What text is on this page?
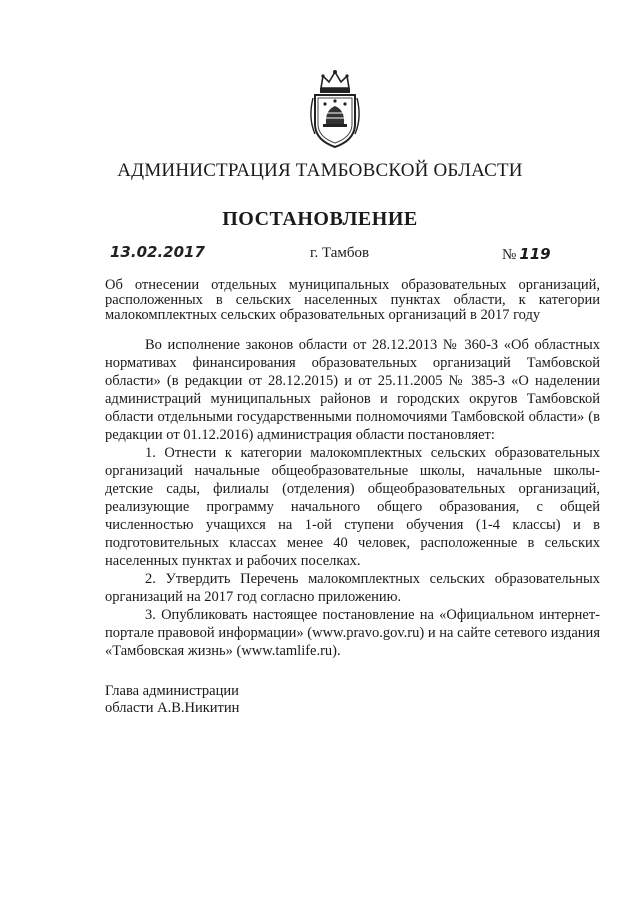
АДМИНИСТРАЦИЯ ТАМБОВСКОЙ ОБЛАСТИ
ПОСТАНОВЛЕНИЕ
13.02.2017	г. Тамбов	№ 119
Об отнесении отдельных муниципальных образовательных организаций, расположенных в сельских населенных пунктах области, к категории малокомплектных сельских образовательных организаций в 2017 году

Во исполнение законов области от 28.12.2013 № 360-З «Об областных нормативах финансирования образовательных организаций Тамбовской области» (в редакции от 28.12.2015) и от 25.11.2005 № 385-З «О наделении администраций муниципальных районов и городских округов Тамбовской области отдельными государственными полномочиями Тамбовской области» (в редакции от 01.12.2016) администрация области постановляет:

1. Отнести к категории малокомплектных сельских образовательных организаций начальные общеобразовательные школы, начальные школы-детские сады, филиалы (отделения) общеобразовательных организаций, реализующие программу начального общего образования, с общей численностью учащихся на 1-ой ступени обучения (1-4 классы) и в подготовительных классах менее 40 человек, расположенные в сельских населенных пунктах и рабочих поселках.

2. Утвердить Перечень малокомплектных сельских образовательных организаций на 2017 год согласно приложению.

3. Опубликовать настоящее постановление на «Официальном интернет-портале правовой информации» (www.pravo.gov.ru) и на сайте сетевого издания «Тамбовская жизнь» (www.tamlife.ru).

Глава администрации
области А.В.Никитин
